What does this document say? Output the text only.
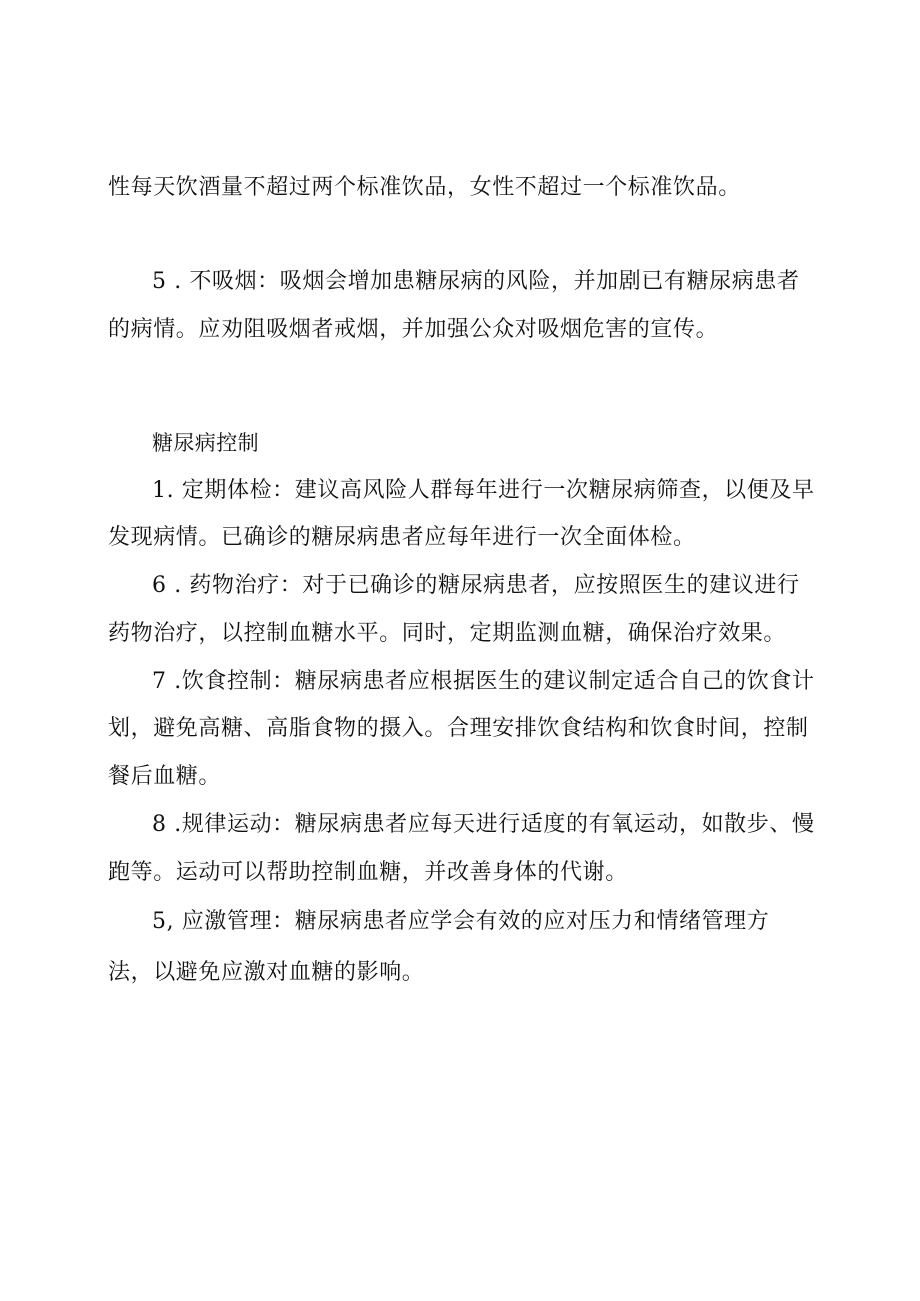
性每天饮酒量不超过两个标准饮品，女性不超过一个标准饮品。
5 . 不吸烟：吸烟会增加患糖尿病的风险，并加剧已有糖尿病患者
的病情。应劝阻吸烟者戒烟，并加强公众对吸烟危害的宣传。
糖尿病控制
1. 定期体检：建议高风险人群每年进行一次糖尿病筛查，以便及早
发现病情。已确诊的糖尿病患者应每年进行一次全面体检。
6 . 药物治疗：对于已确诊的糖尿病患者，应按照医生的建议进行
药物治疗，以控制血糖水平。同时，定期监测血糖，确保治疗效果。
7 .饮食控制：糖尿病患者应根据医生的建议制定适合自己的饮食计
划，避免高糖、高脂食物的摄入。合理安排饮食结构和饮食时间，控制
餐后血糖。
8 .规律运动：糖尿病患者应每天进行适度的有氧运动，如散步、慢
跑等。运动可以帮助控制血糖，并改善身体的代谢。
5, 应激管理：糖尿病患者应学会有效的应对压力和情绪管理方
法，以避免应激对血糖的影响。
